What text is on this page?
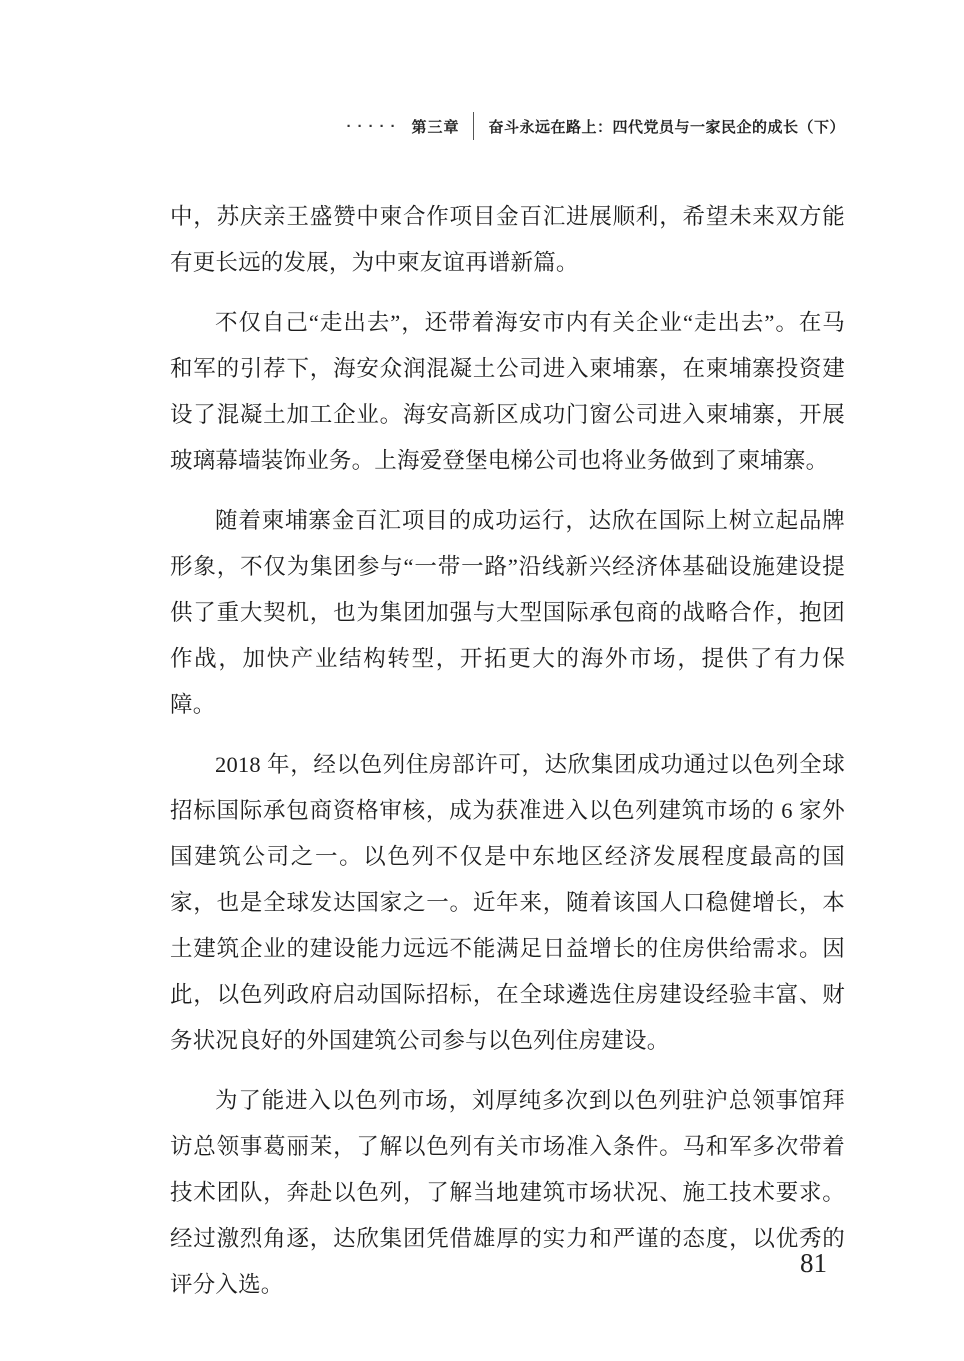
····· 第三章 奋斗永远在路上：四代党员与一家民企的成长（下）

中，苏庆亲王盛赞中柬合作项目金百汇进展顺利，希望未来双方能有更长远的发展，为中柬友谊再谱新篇。

不仅自己“走出去”，还带着海安市内有关企业“走出去”。在马和军的引荐下，海安众润混凝土公司进入柬埔寨，在柬埔寨投资建设了混凝土加工企业。海安高新区成功门窗公司进入柬埔寨，开展玻璃幕墙装饰业务。上海爱登堡电梯公司也将业务做到了柬埔寨。

随着柬埔寨金百汇项目的成功运行，达欣在国际上树立起品牌形象，不仅为集团参与“一带一路”沿线新兴经济体基础设施建设提供了重大契机，也为集团加强与大型国际承包商的战略合作，抱团作战，加快产业结构转型，开拓更大的海外市场，提供了有力保障。

2018 年，经以色列住房部许可，达欣集团成功通过以色列全球招标国际承包商资格审核，成为获准进入以色列建筑市场的 6 家外国建筑公司之一。以色列不仅是中东地区经济发展程度最高的国家，也是全球发达国家之一。近年来，随着该国人口稳健增长，本土建筑企业的建设能力远远不能满足日益增长的住房供给需求。因此，以色列政府启动国际招标，在全球遴选住房建设经验丰富、财务状况良好的外国建筑公司参与以色列住房建设。

为了能进入以色列市场，刘厚纯多次到以色列驻沪总领事馆拜访总领事葛丽茉，了解以色列有关市场准入条件。马和军多次带着技术团队，奔赴以色列，了解当地建筑市场状况、施工技术要求。经过激烈角逐，达欣集团凭借雄厚的实力和严谨的态度，以优秀的评分入选。

81
